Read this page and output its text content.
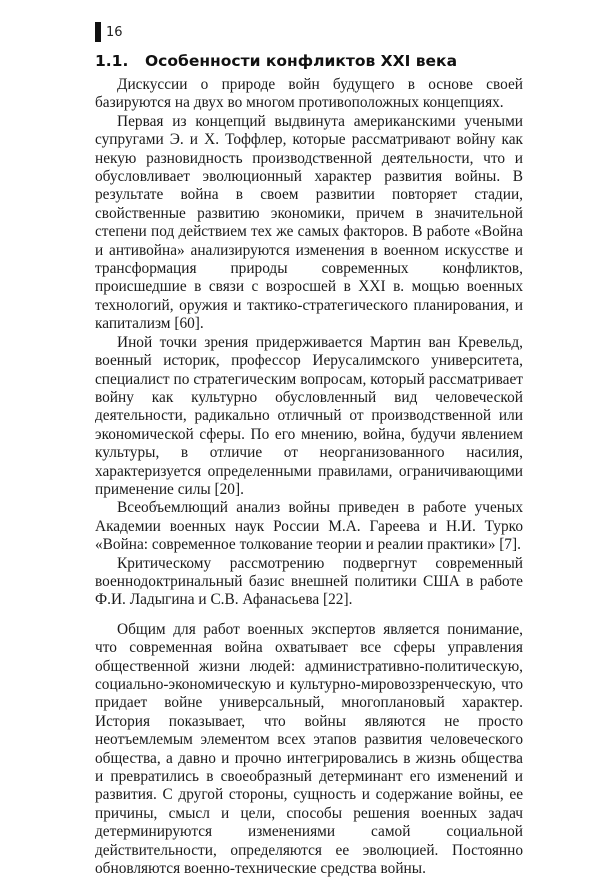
16
1.1. Особенности конфликтов XXI века

Дискуссии о природе войн будущего в основе своей базируются на двух во многом противоположных концепциях.

Первая из концепций выдвинута американскими учеными супругами Э. и Х. Тоффлер, которые рассматривают войну как некую разновидность производственной деятельности, что и обусловливает эволюционный характер развития войны. В результате война в своем развитии повторяет стадии, свойственные развитию экономики, причем в значительной степени под действием тех же самых факторов. В работе «Война и антивойна» анализируются изменения в военном искусстве и трансформация природы современных конфликтов, происшедшие в связи с возросшей в XXI в. мощью военных технологий, оружия и тактико-стратегического планирования, и капитализм [60].

Иной точки зрения придерживается Мартин ван Кревельд, военный историк, профессор Иерусалимского университета, специалист по стратегическим вопросам, который рассматривает войну как культурно обусловленный вид человеческой деятельности, радикально отличный от производственной или экономической сферы. По его мнению, война, будучи явлением культуры, в отличие от неорганизованного насилия, характеризуется определенными правилами, ограничивающими применение силы [20].

Всеобъемлющий анализ войны приведен в работе ученых Академии военных наук России М.А. Гареева и Н.И. Турко «Война: современное толкование теории и реалии практики» [7].

Критическому рассмотрению подвергнут современный военнодоктринальный базис внешней политики США в работе Ф.И. Ладыгина и С.В. Афанасьева [22].

Общим для работ военных экспертов является понимание, что современная война охватывает все сферы управления общественной жизни людей: административно-политическую, социально-экономическую и культурно-мировоззренческую, что придает войне универсальный, многоплановый характер. История показывает, что войны являются не просто неотъемлемым элементом всех этапов развития человеческого общества, а давно и прочно интегрировались в жизнь общества и превратились в своеобразный детерминант его изменений и развития. С другой стороны, сущность и содержание войны, ее причины, смысл и цели, способы решения военных задач детерминируются изменениями самой социальной действительности, определяются ее эволюцией. Постоянно обновляются военно-технические средства войны.
